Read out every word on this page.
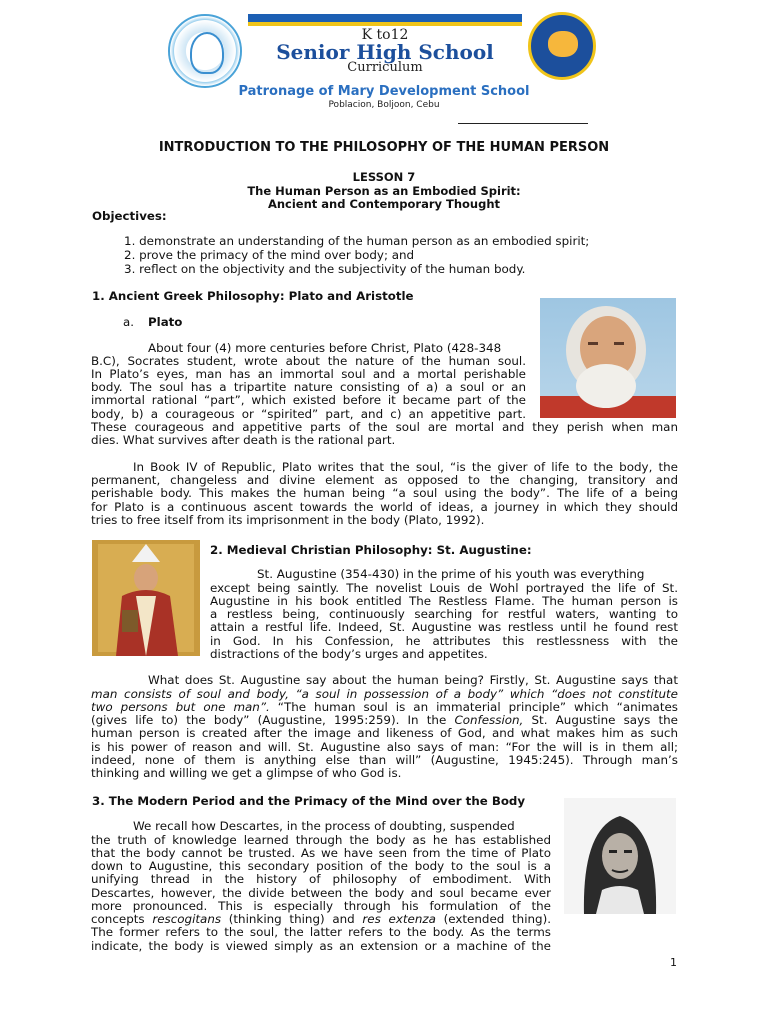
K to12
Senior High School
Curriculum
Patronage of Mary Development School
Poblacion, Boljoon, Cebu
INTRODUCTION TO THE PHILOSOPHY OF THE HUMAN PERSON
LESSON 7
The Human Person as an Embodied Spirit:
Ancient and Contemporary Thought
Objectives:
1. demonstrate an understanding of the human person as an embodied spirit;
2. prove the primacy of the mind over body; and
3. reflect on the objectivity and the subjectivity of the human body.
1. Ancient Greek Philosophy: Plato and Aristotle
a. Plato
About four (4) more centuries before Christ, Plato (428-348
B.C), Socrates student, wrote about the nature of the human soul.
In Plato’s eyes, man has an immortal soul and a mortal perishable
body. The soul has a tripartite nature consisting of a) a soul or an
immortal rational “part”, which existed before it became part of the
body, b) a courageous or “spirited” part, and c) an appetitive part.
These courageous and appetitive parts of the soul are mortal and they perish when man
dies. What survives after death is the rational part.
In Book IV of Republic, Plato writes that the soul, “is the giver of life to the body, the
permanent, changeless and divine element as opposed to the changing, transitory and
perishable body. This makes the human being “a soul using the body”. The life of a being
for Plato is a continuous ascent towards the world of ideas, a journey in which they should
tries to free itself from its imprisonment in the body (Plato, 1992).
2. Medieval Christian Philosophy: St. Augustine:
St. Augustine (354-430) in the prime of his youth was everything
except being saintly. The novelist Louis de Wohl portrayed the life of St.
Augustine in his book entitled The Restless Flame. The human person is
a restless being, continuously searching for restful waters, wanting to
attain a restful life. Indeed, St. Augustine was restless until he found rest
in God. In his Confession, he attributes this restlessness with the
distractions of the body’s urges and appetites.
What does St. Augustine say about the human being? Firstly, St. Augustine says that
man consists of soul and body, “a soul in possession of a body” which “does not constitute
two persons but one man”. “The human soul is an immaterial principle” which “animates
(gives life to) the body” (Augustine, 1995:259). In the Confession, St. Augustine says the
human person is created after the image and likeness of God, and what makes him as such
is his power of reason and will. St. Augustine also says of man: “For the will is in them all;
indeed, none of them is anything else than will” (Augustine, 1945:245). Through man’s
thinking and willing we get a glimpse of who God is.
3. The Modern Period and the Primacy of the Mind over the Body
We recall how Descartes, in the process of doubting, suspended
the truth of knowledge learned through the body as he has established
that the body cannot be trusted. As we have seen from the time of Plato
down to Augustine, this secondary position of the body to the soul is a
unifying thread in the history of philosophy of embodiment. With
Descartes, however, the divide between the body and soul became ever
more pronounced. This is especially through his formulation of the
concepts rescogitans (thinking thing) and res extenza (extended thing).
The former refers to the soul, the latter refers to the body. As the terms
indicate, the body is viewed simply as an extension or a machine of the
1
